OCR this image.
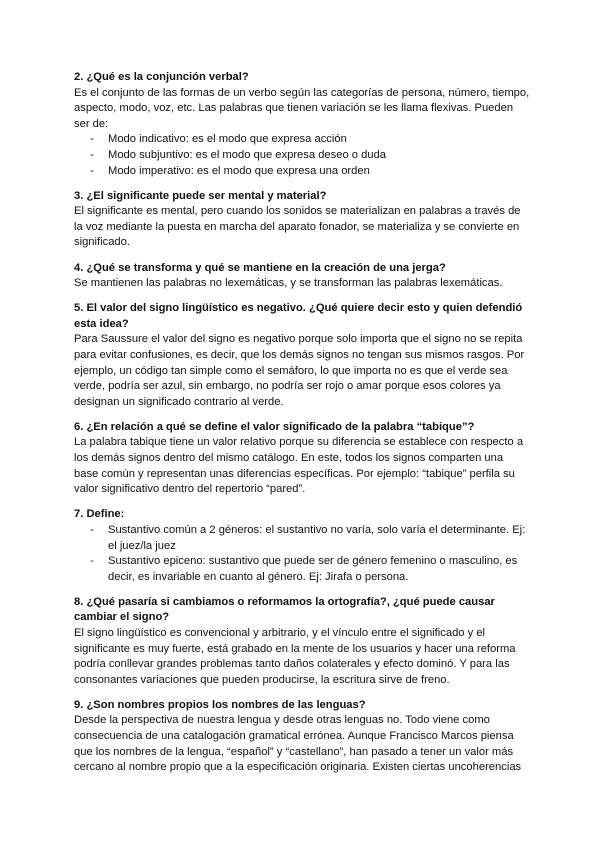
2. ¿Qué es la conjunción verbal?

Es el conjunto de las formas de un verbo según las categorías de persona, número, tiempo, aspecto, modo, voz, etc. Las palabras que tienen variación se les llama flexivas. Pueden ser de:

- Modo indicativo: es el modo que expresa acción
- Modo subjuntivo: es el modo que expresa deseo o duda
- Modo imperativo: es el modo que expresa una orden

3. ¿El significante puede ser mental y material?

El significante es mental, pero cuando los sonidos se materializan en palabras a través de la voz mediante la puesta en marcha del aparato fonador, se materializa y se convierte en significado.

4. ¿Qué se transforma y qué se mantiene en la creación de una jerga?

Se mantienen las palabras no lexemáticas, y se transforman las palabras lexemáticas.

5. El valor del signo lingüístico es negativo. ¿Qué quiere decir esto y quien defendió esta idea?

Para Saussure el valor del signo es negativo porque solo importa que el signo no se repita para evitar confusiones, es decir, que los demás signos no tengan sus mismos rasgos. Por ejemplo, un código tan simple como el semáforo, lo que importa no es que el verde sea verde, podría ser azul, sin embargo, no podría ser rojo o amar porque esos colores ya designan un significado contrario al verde.

6. ¿En relación a qué se define el valor significado de la palabra “tabique”?

La palabra tabique tiene un valor relativo porque su diferencia se establece con respecto a los demás signos dentro del mismo catálogo. En este, todos los signos comparten una base común y representan unas diferencias específicas. Por ejemplo: “tabique” perfila su valor significativo dentro del repertorio “pared”.

7. Define:

- Sustantivo común a 2 géneros: el sustantivo no varía, solo varía el determinante. Ej: el juez/la juez
- Sustantivo epiceno: sustantivo que puede ser de género femenino o masculino, es decir, es invariable en cuanto al género. Ej: Jirafa o persona.

8. ¿Qué pasaría si cambiamos o reformamos la ortografía?, ¿qué puede causar cambiar el signo?

El signo lingüístico es convencional y arbitrario, y el vínculo entre el significado y el significante es muy fuerte, está grabado en la mente de los usuarios y hacer una reforma podría conllevar grandes problemas tanto daños colaterales y efecto dominó. Y para las consonantes variaciones que pueden producirse, la escritura sirve de freno.

9. ¿Son nombres propios los nombres de las lenguas?

Desde la perspectiva de nuestra lengua y desde otras lenguas no. Todo viene como consecuencia de una catalogación gramatical errónea. Aunque Francisco Marcos piensa que los nombres de la lengua, “español” y “castellano”, han pasado a tener un valor más cercano al nombre propio que a la especificación originaria. Existen ciertas uncoherencias
